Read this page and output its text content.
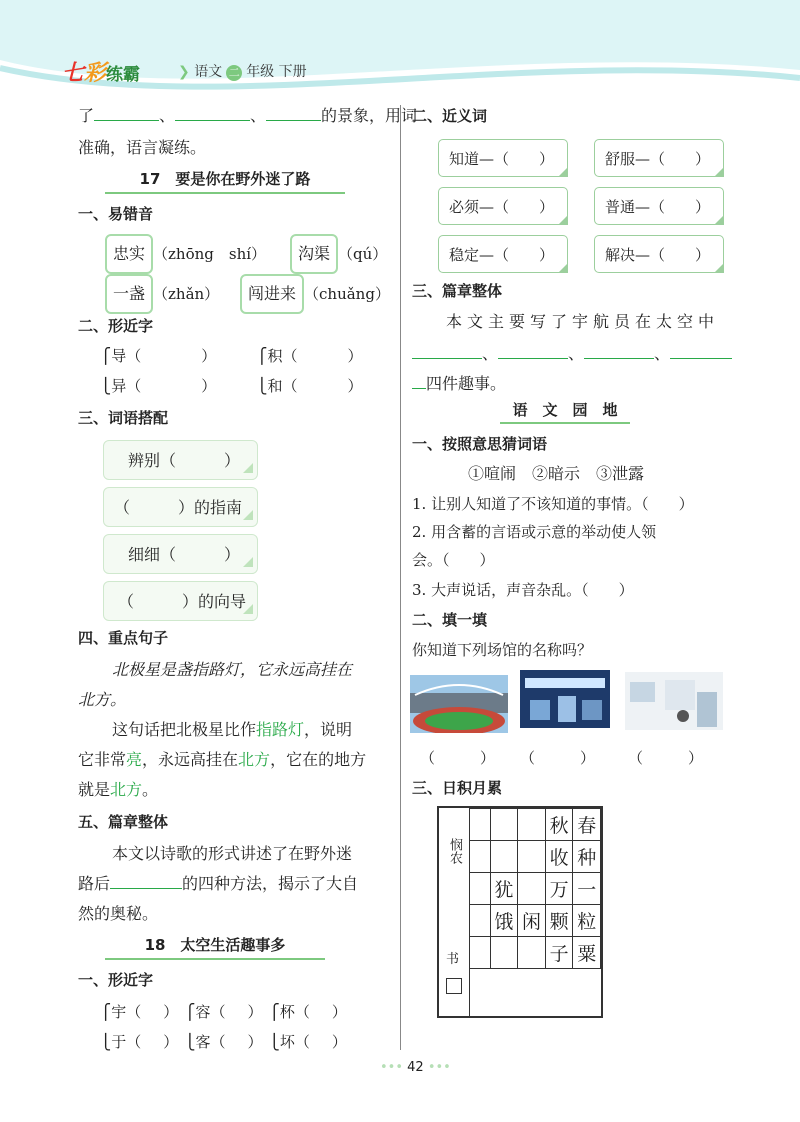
七彩练霸	❯ 语文 二 年级 下册
了	、	、	的景象，用词
准确，语言凝练。
17　要是你在野外迷了路
一、易错音
忠实 （zhōng　shí）	沟渠 （qú）
一盏 （zhǎn）	闯进来 （chuǎng）
二、形近字
⎧导（	）	⎧积（	）
⎩异（	）	⎩和（	）
三、词语搭配
辨别（　　　）
（　　　）的指南
细细（　　　）
（　　　）的向导
四、重点句子
北极星是盏指路灯，它永远高挂在
北方。
这句话把北极星比作指路灯，说明
它非常亮，永远高挂在北方，它在的地方
就是北方。
五、篇章整体
本文以诗歌的形式讲述了在野外迷
路后	的四种方法，揭示了大自
然的奥秘。
18　太空生活趣事多
一、形近字
⎧宇（ ） ⎧容（ ） ⎧杯（ ）
⎩于（ ） ⎩客（ ） ⎩坏（ ）
二、近义词
知道—（　　）	舒服—（　　）
必须—（　　）	普通—（　　）
稳定—（　　）	解决—（　　）
三、篇章整体
本文主要写了宇航员在太空中
、	、	、
四件趣事。
语　文　园　地
一、按照意思猜词语
①喧闹　②暗示　③泄露
1. 让别人知道了不该知道的事情。（　　）
2. 用含蓄的言语或示意的举动使人领
会。（　　）
3. 大声说话，声音杂乱。（　　）
二、填一填
你知道下列场馆的名称吗？
（　　　） （　　　） （　　　）
三、日积月累
悯农
书
			秋	春
			收	种
	犹		万	一
	饿	闲	颗	粒
			子	粟
••• 42 •••
